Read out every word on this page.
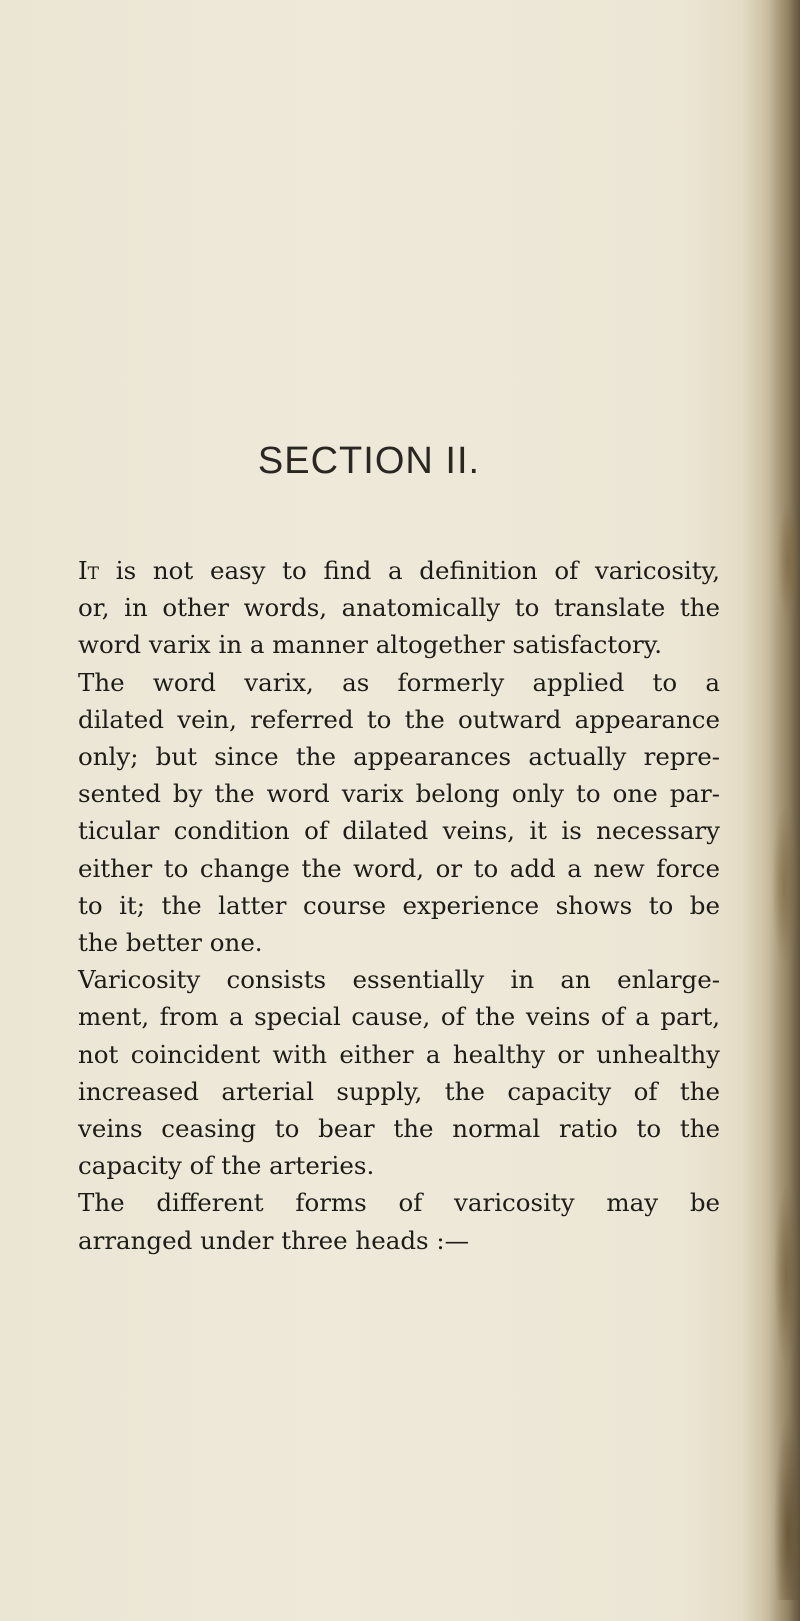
SECTION II.

It is not easy to find a definition of varicosity,
or, in other words, anatomically to translate the
word varix in a manner altogether satisfactory.

The word varix, as formerly applied to a
dilated vein, referred to the outward appearance
only; but since the appearances actually repre-
sented by the word varix belong only to one par-
ticular condition of dilated veins, it is necessary
either to change the word, or to add a new force
to it; the latter course experience shows to be
the better one.

Varicosity consists essentially in an enlarge-
ment, from a special cause, of the veins of a part,
not coincident with either a healthy or unhealthy
increased arterial supply, the capacity of the
veins ceasing to bear the normal ratio to the
capacity of the arteries.

The different forms of varicosity may be
arranged under three heads :—
